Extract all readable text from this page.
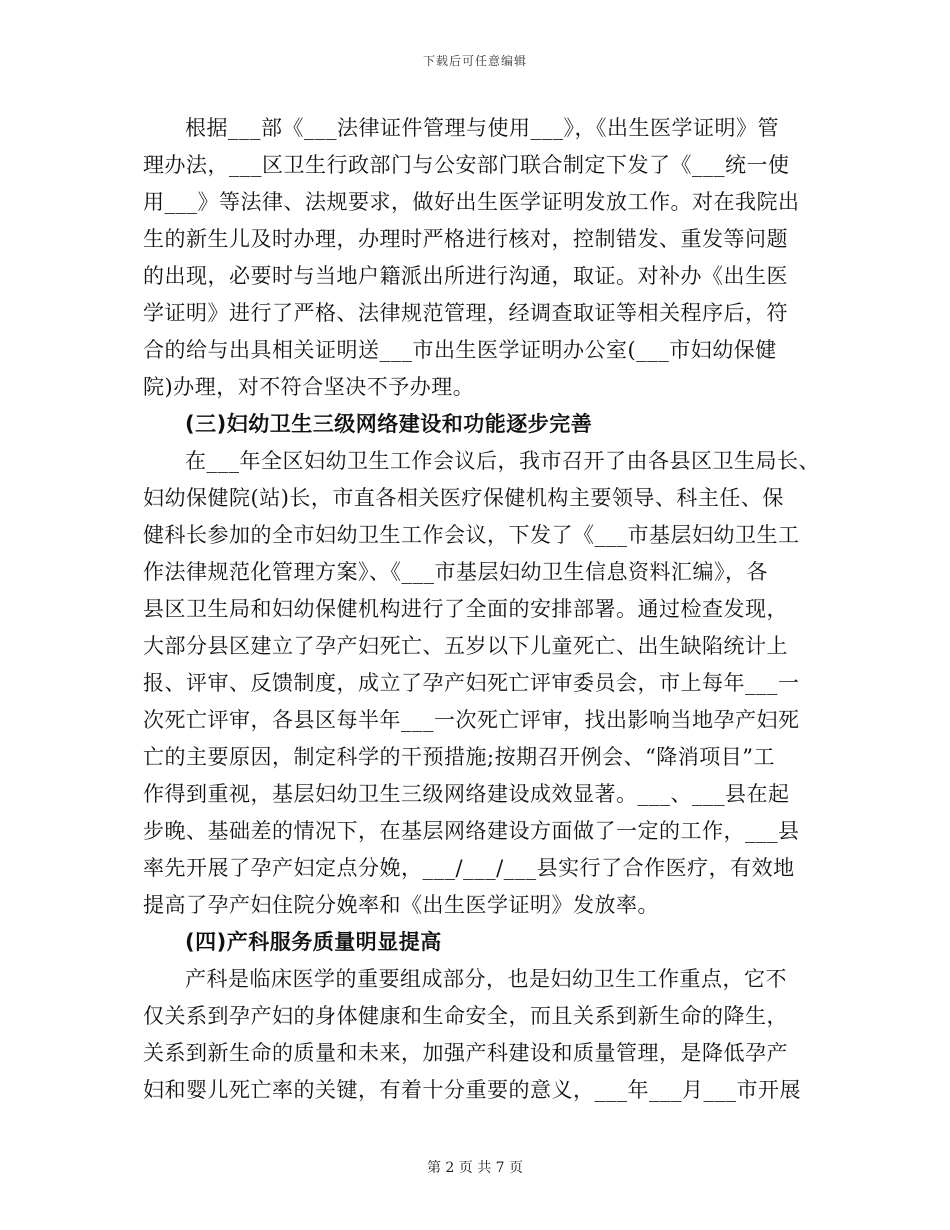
下载后可任意编辑
根据___部《___法律证件管理与使用___》，《出生医学证明》管
理办法，___区卫生行政部门与公安部门联合制定下发了《___统一使
用___》等法律、法规要求，做好出生医学证明发放工作。对在我院出
生的新生儿及时办理，办理时严格进行核对，控制错发、重发等问题
的出现，必要时与当地户籍派出所进行沟通，取证。对补办《出生医
学证明》进行了严格、法律规范管理，经调查取证等相关程序后，符
合的给与出具相关证明送___市出生医学证明办公室(___市妇幼保健
院)办理，对不符合坚决不予办理。
(三)妇幼卫生三级网络建设和功能逐步完善
在___年全区妇幼卫生工作会议后，我市召开了由各县区卫生局长、
妇幼保健院(站)长，市直各相关医疗保健机构主要领导、科主任、保
健科长参加的全市妇幼卫生工作会议，下发了《___市基层妇幼卫生工
作法律规范化管理方案》、《___市基层妇幼卫生信息资料汇编》，各
县区卫生局和妇幼保健机构进行了全面的安排部署。通过检查发现，
大部分县区建立了孕产妇死亡、五岁以下儿童死亡、出生缺陷统计上
报、评审、反馈制度，成立了孕产妇死亡评审委员会，市上每年___一
次死亡评审，各县区每半年___一次死亡评审，找出影响当地孕产妇死
亡的主要原因，制定科学的干预措施;按期召开例会、“降消项目”工
作得到重视，基层妇幼卫生三级网络建设成效显著。___、___县在起
步晚、基础差的情况下，在基层网络建设方面做了一定的工作，___县
率先开展了孕产妇定点分娩，___/___/___县实行了合作医疗，有效地
提高了孕产妇住院分娩率和《出生医学证明》发放率。
(四)产科服务质量明显提高
产科是临床医学的重要组成部分，也是妇幼卫生工作重点，它不
仅关系到孕产妇的身体健康和生命安全，而且关系到新生命的降生，
关系到新生命的质量和未来，加强产科建设和质量管理，是降低孕产
妇和婴儿死亡率的关键，有着十分重要的意义，___年___月___市开展
第 2 页 共 7 页
